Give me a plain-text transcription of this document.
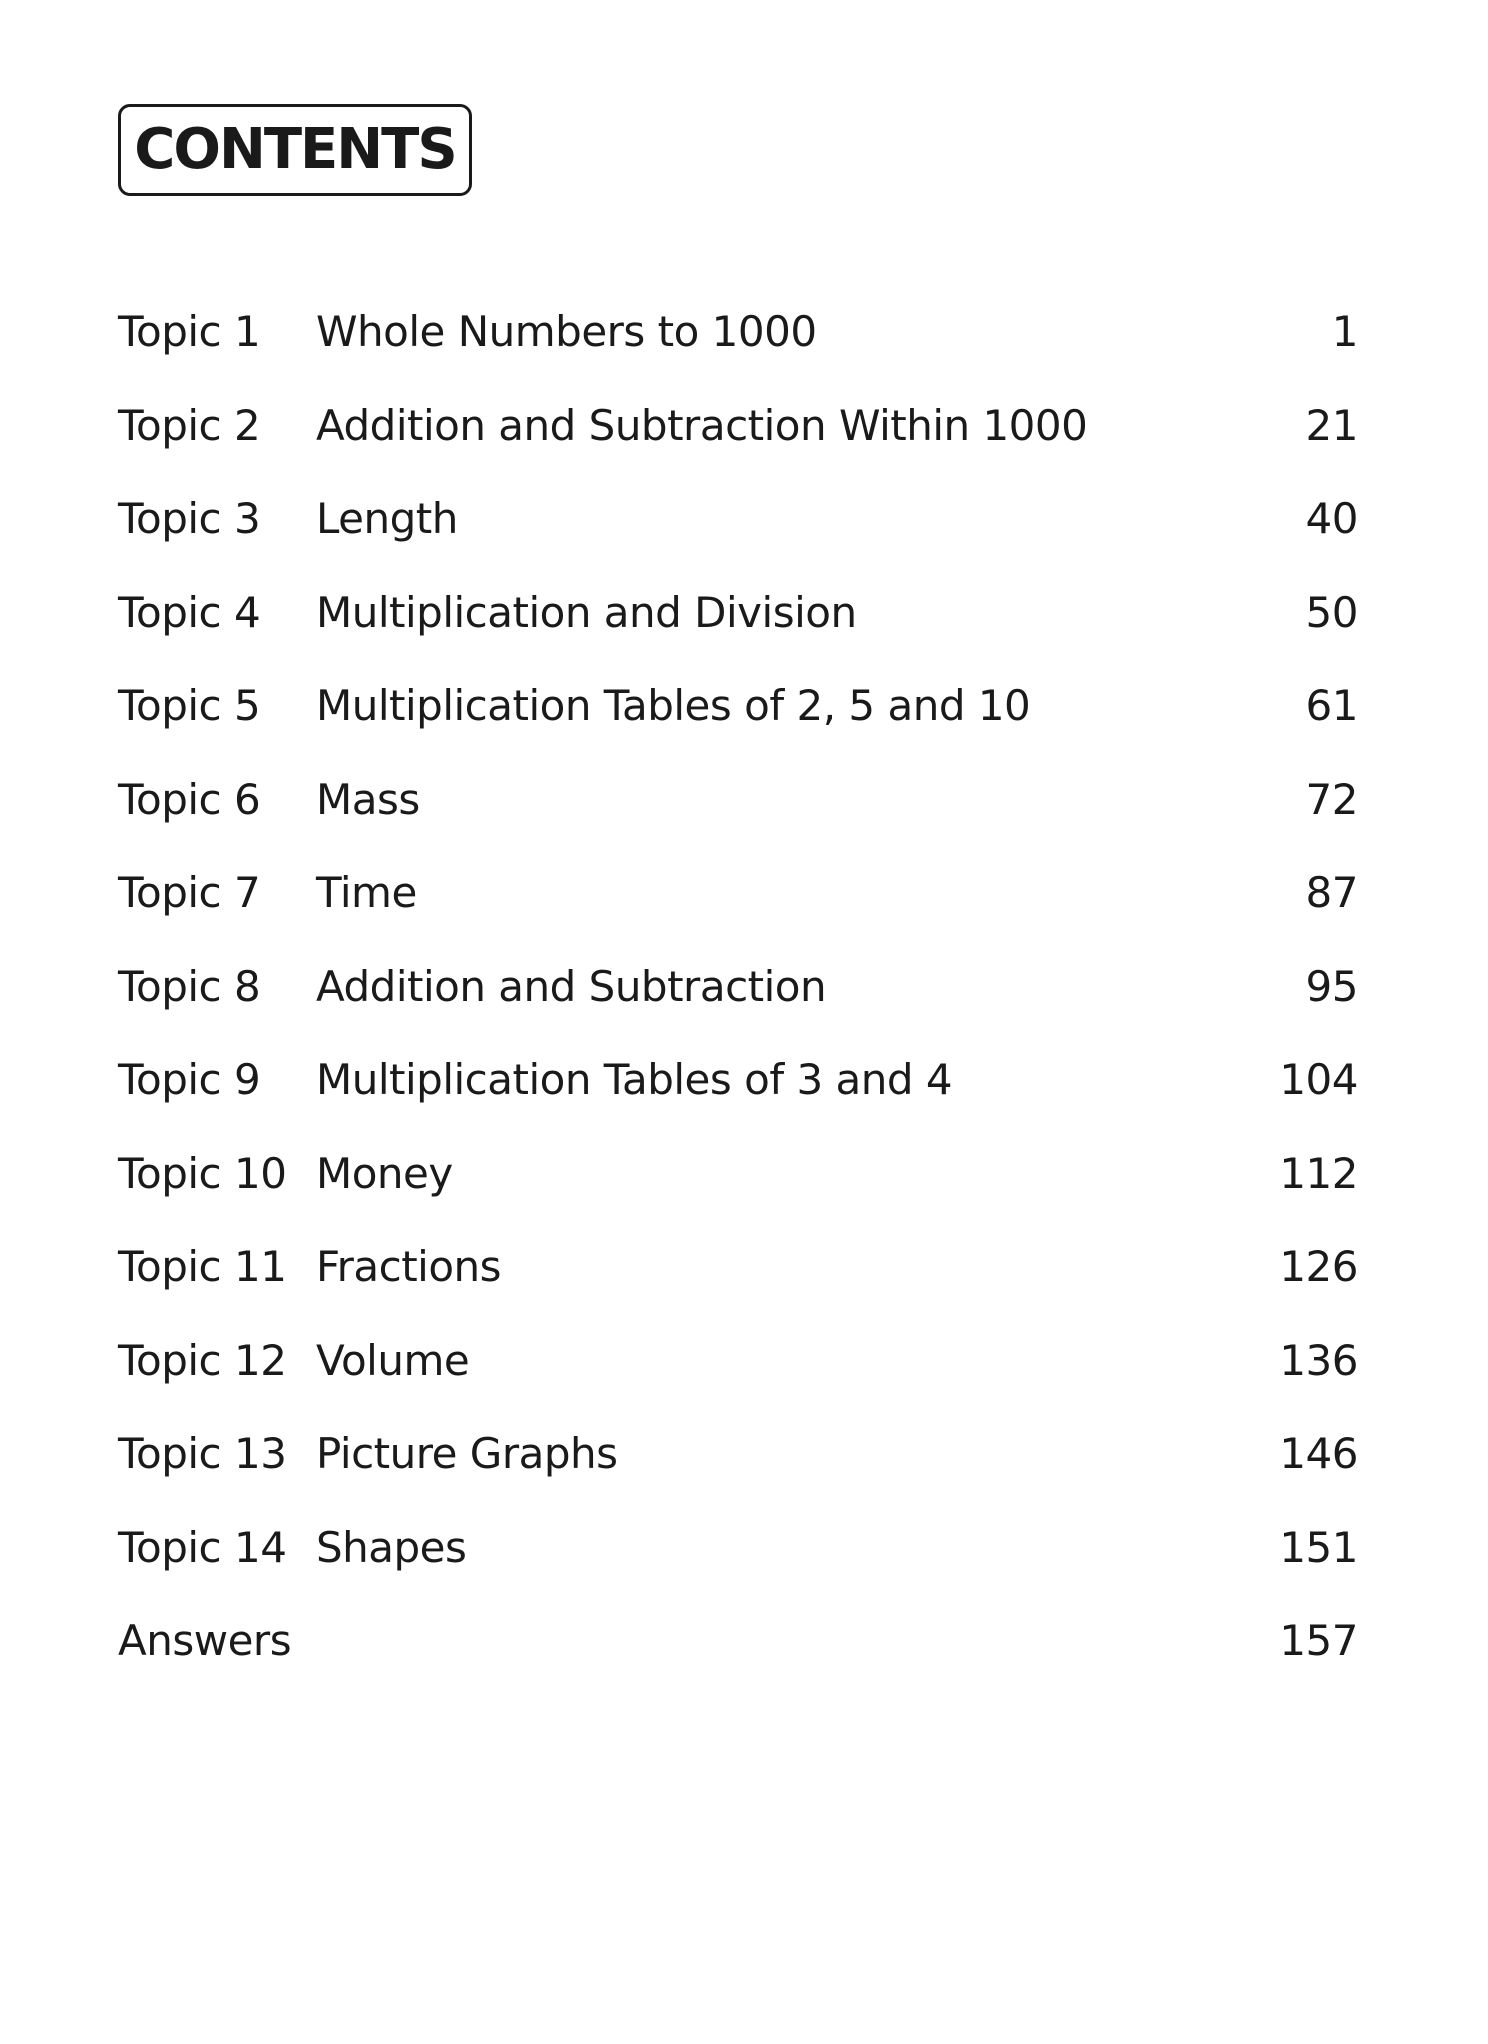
CONTENTS
Topic 1	Whole Numbers to 1000	1
Topic 2	Addition and Subtraction Within 1000	21
Topic 3	Length	40
Topic 4	Multiplication and Division	50
Topic 5	Multiplication Tables of 2, 5 and 10	61
Topic 6	Mass	72
Topic 7	Time	87
Topic 8	Addition and Subtraction	95
Topic 9	Multiplication Tables of 3 and 4	104
Topic 10 Money	112
Topic 11 Fractions	126
Topic 12 Volume	136
Topic 13 Picture Graphs	146
Topic 14 Shapes	151
Answers	157
